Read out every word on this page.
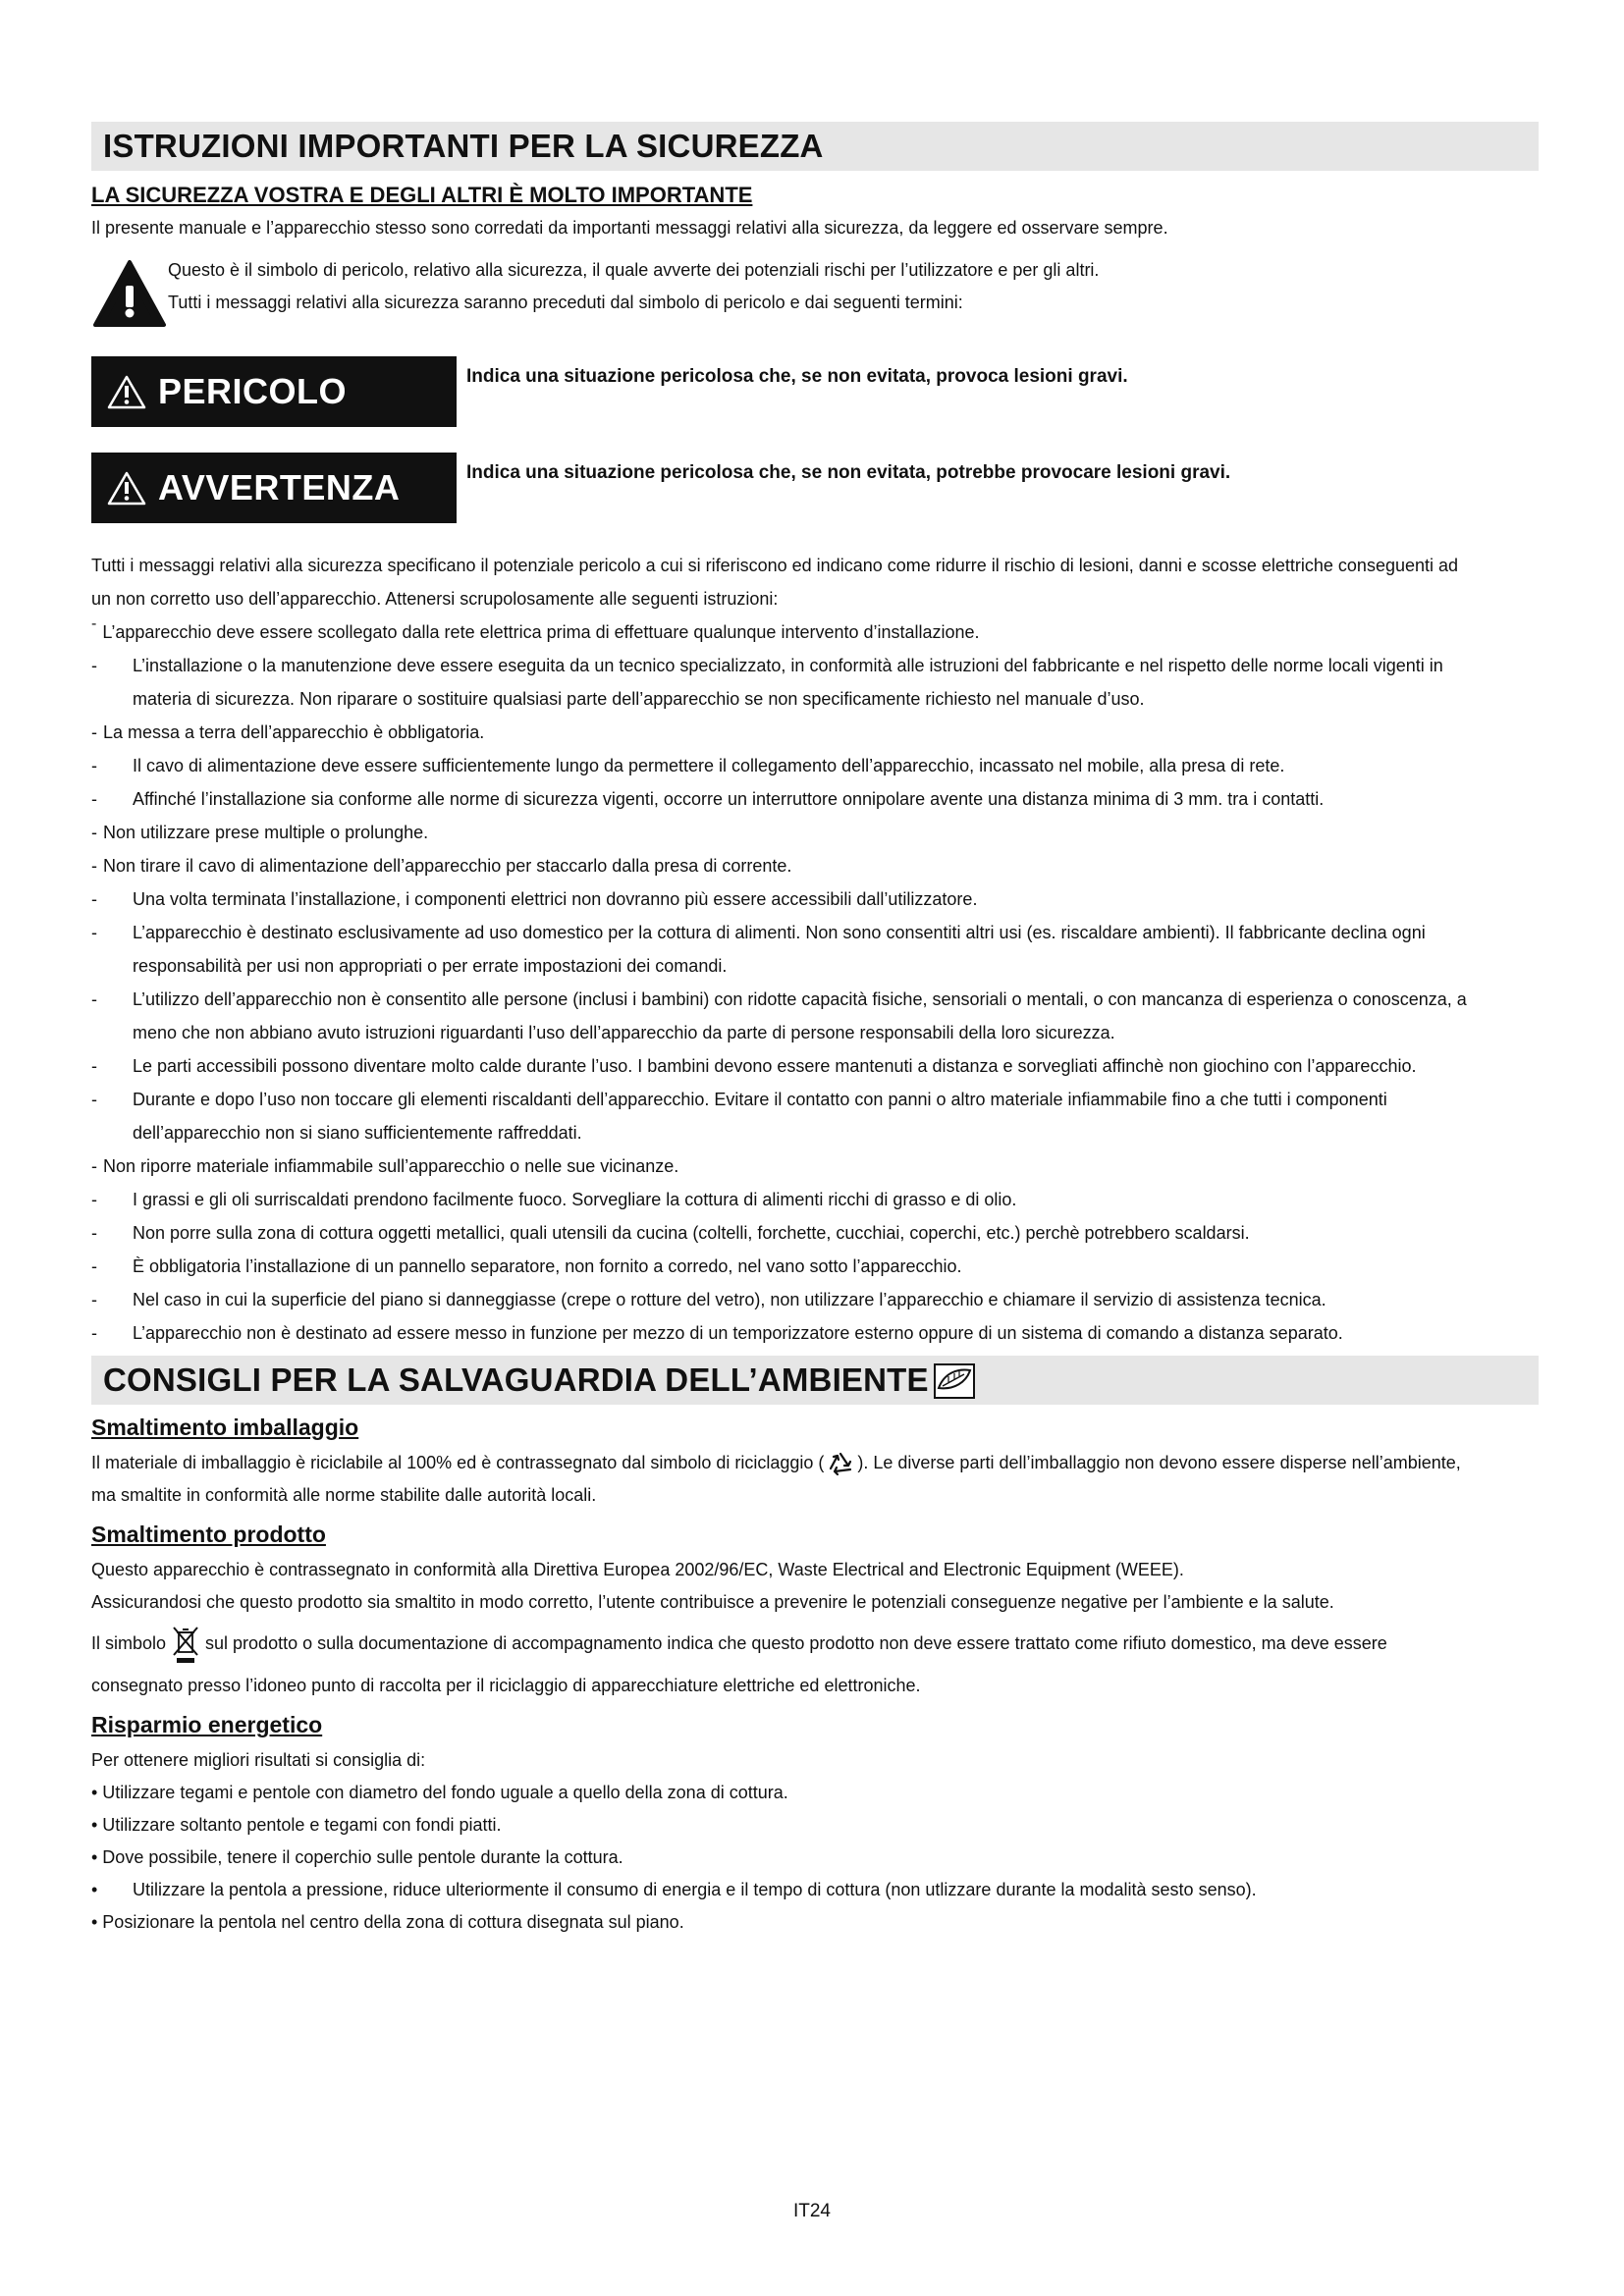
ISTRUZIONI IMPORTANTI PER LA SICUREZZA
LA SICUREZZA VOSTRA E DEGLI ALTRI È MOLTO IMPORTANTE

Il presente manuale e l’apparecchio stesso sono corredati da importanti messaggi relativi alla sicurezza, da leggere ed osservare sempre.

Questo è il simbolo di pericolo, relativo alla sicurezza, il quale avverte dei potenziali rischi per l’utilizzatore e per gli altri.

Tutti i messaggi relativi alla sicurezza saranno preceduti dal simbolo di pericolo e dai seguenti termini:

PERICOLO	Indica una situazione pericolosa che, se non evitata, provoca lesioni gravi.
AVVERTENZA	Indica una situazione pericolosa che, se non evitata, potrebbe provocare lesioni gravi.
Tutti i messaggi relativi alla sicurezza specificano il potenziale pericolo a cui si riferiscono ed indicano come ridurre il rischio di lesioni, danni e scosse elettriche conseguenti ad
un non corretto uso dell’apparecchio. Attenersi scrupolosamente alle seguenti istruzioni:
- L’apparecchio deve essere scollegato dalla rete elettrica prima di effettuare qualunque intervento d’installazione.
-	L’installazione o la manutenzione deve essere eseguita da un tecnico specializzato, in conformità alle istruzioni del fabbricante e nel rispetto delle norme locali vigenti in
materia di sicurezza. Non riparare o sostituire qualsiasi parte dell’apparecchio se non specificamente richiesto nel manuale d’uso.
- La messa a terra dell’apparecchio è obbligatoria.
-	Il cavo di alimentazione deve essere sufficientemente lungo da permettere il collegamento dell’apparecchio, incassato nel mobile, alla presa di rete.
-	Affinché l’installazione sia conforme alle norme di sicurezza vigenti, occorre un interruttore onnipolare avente una distanza minima di 3 mm. tra i contatti.
- Non utilizzare prese multiple o prolunghe.
- Non tirare il cavo di alimentazione dell’apparecchio per staccarlo dalla presa di corrente.
-	Una volta terminata l’installazione, i componenti elettrici non dovranno più essere accessibili dall’utilizzatore.
-	L’apparecchio è destinato esclusivamente ad uso domestico per la cottura di alimenti. Non sono consentiti altri usi (es. riscaldare ambienti). Il fabbricante declina ogni
responsabilità per usi non appropriati o per errate impostazioni dei comandi.
-	L’utilizzo dell’apparecchio non è consentito alle persone (inclusi i bambini) con ridotte capacità fisiche, sensoriali o mentali, o con mancanza di esperienza o conoscenza, a
meno che non abbiano avuto istruzioni riguardanti l’uso dell’apparecchio da parte di persone responsabili della loro sicurezza.
-	Le parti accessibili possono diventare molto calde durante l’uso. I bambini devono essere mantenuti a distanza e sorvegliati affinchè non giochino con l’apparecchio.
-	Durante e dopo l’uso non toccare gli elementi riscaldanti dell’apparecchio. Evitare il contatto con panni o altro materiale infiammabile fino a che tutti i componenti
dell’apparecchio non si siano sufficientemente raffreddati.
- Non riporre materiale infiammabile sull’apparecchio o nelle sue vicinanze.
-	I grassi e gli oli surriscaldati prendono facilmente fuoco. Sorvegliare la cottura di alimenti ricchi di grasso e di olio.
-	Non porre sulla zona di cottura oggetti metallici, quali utensili da cucina (coltelli, forchette, cucchiai, coperchi, etc.) perchè potrebbero scaldarsi.
-	È obbligatoria l’installazione di un pannello separatore, non fornito a corredo, nel vano sotto l’apparecchio.
-	Nel caso in cui la superficie del piano si danneggiasse (crepe o rotture del vetro), non utilizzare l’apparecchio e chiamare il servizio di assistenza tecnica.
-	L’apparecchio non è destinato ad essere messo in funzione per mezzo di un temporizzatore esterno oppure di un sistema di comando a distanza separato.
CONSIGLI PER LA SALVAGUARDIA DELL’AMBIENTE
Smaltimento imballaggio
Il materiale di imballaggio è riciclabile al 100% ed è contrassegnato dal simbolo di riciclaggio ( ). Le diverse parti dell’imballaggio non devono essere disperse nell’ambiente,
ma smaltite in conformità alle norme stabilite dalle autorità locali.
Smaltimento prodotto
Questo apparecchio è contrassegnato in conformità alla Direttiva Europea 2002/96/EC, Waste Electrical and Electronic Equipment (WEEE).
Assicurandosi che questo prodotto sia smaltito in modo corretto, l’utente contribuisce a prevenire le potenziali conseguenze negative per l’ambiente e la salute.
Il simbolo  sul prodotto o sulla documentazione di accompagnamento indica che questo prodotto non deve essere trattato come rifiuto domestico, ma deve essere
consegnato presso l’idoneo punto di raccolta per il riciclaggio di apparecchiature elettriche ed elettroniche.
Risparmio energetico
Per ottenere migliori risultati si consiglia di:
• Utilizzare tegami e pentole con diametro del fondo uguale a quello della zona di cottura.
• Utilizzare soltanto pentole e tegami con fondi piatti.
• Dove possibile, tenere il coperchio sulle pentole durante la cottura.
•	Utilizzare la pentola a pressione, riduce ulteriormente il consumo di energia e il tempo di cottura (non utlizzare durante la modalità sesto senso).
• Posizionare la pentola nel centro della zona di cottura disegnata sul piano.
IT24
